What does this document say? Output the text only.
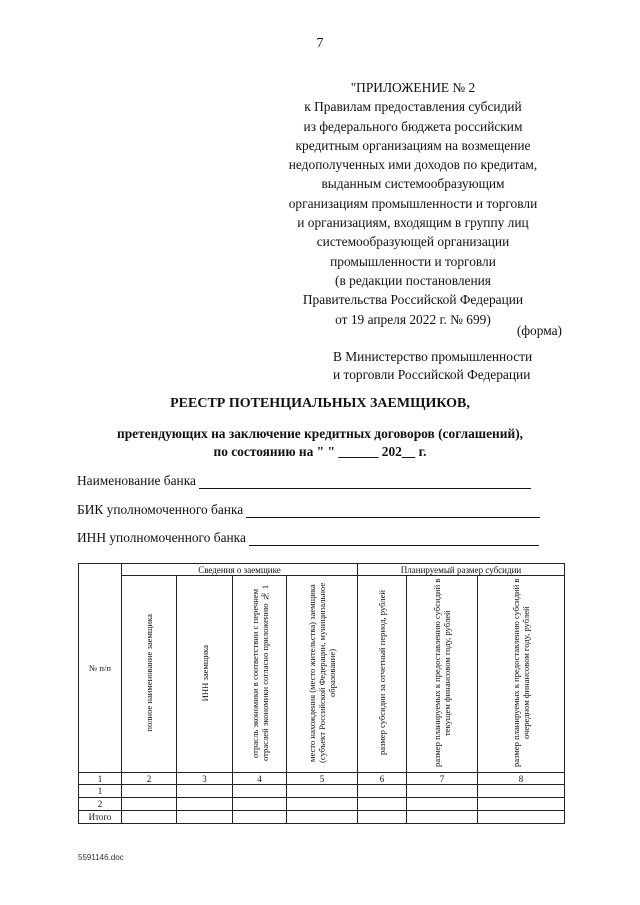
7
"ПРИЛОЖЕНИЕ № 2
к Правилам предоставления субсидий
из федерального бюджета российским
кредитным организациям на возмещение
недополученных ими доходов по кредитам,
выданным системообразующим
организациям промышленности и торговли
и организациям, входящим в группу лиц
системообразующей организации
промышленности и торговли
(в редакции постановления
Правительства Российской Федерации
от 19 апреля 2022 г. № 699)
(форма)
В Министерство промышленности
и торговли Российской Федерации
РЕЕСТР ПОТЕНЦИАЛЬНЫХ ЗАЕМЩИКОВ,
претендующих на заключение кредитных договоров (соглашений),
по состоянию на " " ______ 202__ г.
Наименование банка
БИК уполномоченного банка
ИНН уполномоченного банка
№ п/п	Сведения о заемщике				Планируемый размер субсидии		
	полное наименование заемщика	ИНН заемщика	отрасль экономики в соответствии с перечнем отраслей экономики согласно приложению № 1	место нахождения (место жительства) заемщика (субъект Российской Федерации, муниципальное образование)	размер субсидии за отчетный период, рублей	размер планируемых к предоставлению субсидий в текущем финансовом году, рублей	размер планируемых к предоставлению субсидий в очередном финансовом году, рублей
1	2	3	4	5	6	7	8
1							
2							
Итого							
5591146.doc
